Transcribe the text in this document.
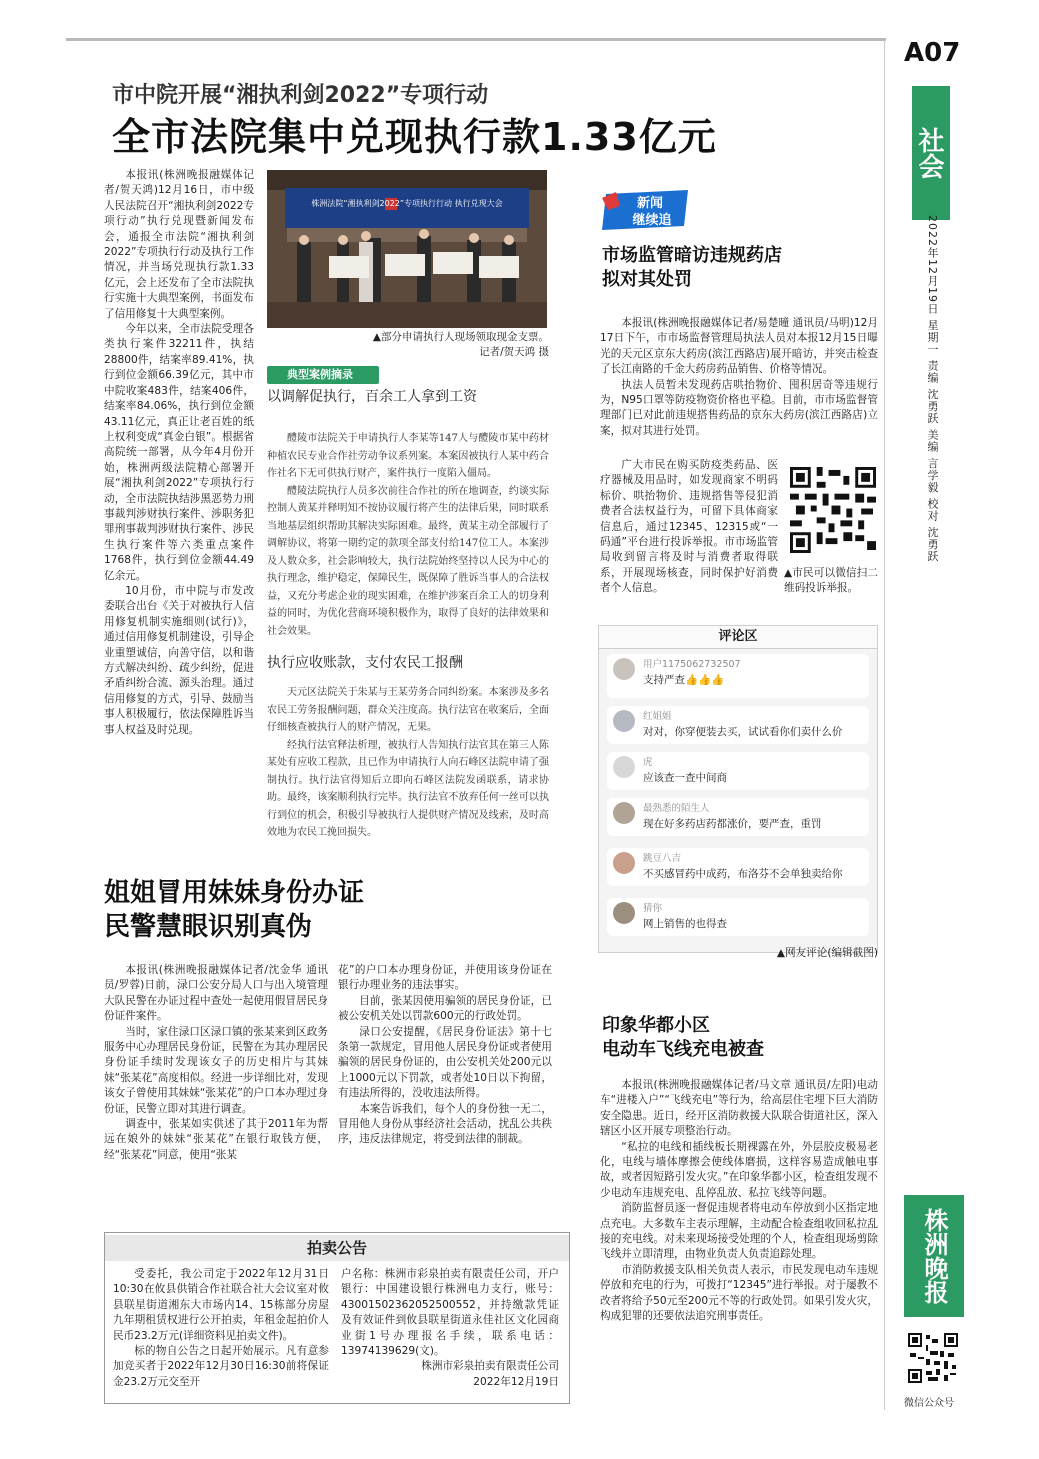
A07
社会
2022年12月19日 星期一 责编 沈勇跃 美编 言学毅 校对 沈勇跃
株洲晚报
微信公众号
市中院开展“湘执利剑2022”专项行动
全市法院集中兑现执行款1.33亿元

本报讯(株洲晚报融媒体记者/贺天鸿)12月16日，市中级人民法院召开“湘执利剑2022专项行动”执行兑现暨新闻发布会，通报全市法院“湘执利剑2022”专项执行行动及执行工作情况，并当场兑现执行款1.33亿元，会上还发布了全市法院执行实施十大典型案例，书面发布了信用修复十大典型案例。

今年以来，全市法院受理各类执行案件32211件，执结28800件，结案率89.41%，执行到位金额66.39亿元，其中市中院收案483件，结案406件，结案率84.06%，执行到位金额43.11亿元，真正让老百姓的纸上权利变成“真金白银”。根据省高院统一部署，从今年4月份开始，株洲两级法院精心部署开展“湘执利剑2022”专项执行行动，全市法院执结涉黑恶势力刑事裁判涉财执行案件、涉职务犯罪刑事裁判涉财执行案件、涉民生执行案件等六类重点案件1768件，执行到位金额44.49亿余元。

10月份，市中院与市发改委联合出台《关于对被执行人信用修复机制实施细则(试行)》，通过信用修复机制建设，引导企业重塑诚信，向善守信，以和谐方式解决纠纷、疏少纠纷，促进矛盾纠纷合流、源头治理。通过信用修复的方式，引导、鼓励当事人积极履行，依法保障胜诉当事人权益及时兑现。

株洲法院“湘执利剑2022”专项执行行动 执行兑现大会
▲部分申请执行人现场领取现金支票。
记者/贺天鸿 摄
典型案例摘录
以调解促执行，百余工人拿到工资

醴陵市法院关于申请执行人李某等147人与醴陵市某中药材种植农民专业合作社劳动争议系列案。本案因被执行人某中药合作社名下无可供执行财产，案件执行一度陷入僵局。

醴陵法院执行人员多次前往合作社的所在地调查，约谈实际控制人黄某并释明知不按协议履行将产生的法律后果，同时联系当地基层组织帮助其解决实际困难。最终，黄某主动全部履行了调解协议，将第一期约定的款项全部支付给147位工人。本案涉及人数众多，社会影响较大，执行法院始终坚持以人民为中心的执行理念，维护稳定，保障民生，既保障了胜诉当事人的合法权益，又充分考虑企业的现实困难，在维护涉案百余工人的切身利益的同时，为优化营商环境积极作为，取得了良好的法律效果和社会效果。

执行应收账款，支付农民工报酬

天元区法院关于朱某与王某劳务合同纠纷案。本案涉及多名农民工劳务报酬问题，群众关注度高。执行法官在收案后，全面仔细核查被执行人的财产情况，无果。

经执行法官释法析理，被执行人告知执行法官其在第三人陈某处有应收工程款，且已作为申请执行人向石峰区法院申请了强制执行。执行法官得知后立即向石峰区法院发函联系，请求协助。最终，该案顺利执行完毕。执行法官不放弃任何一丝可以执行到位的机会，积极引导被执行人提供财产情况及线索，及时高效地为农民工挽回损失。

新闻
继续追
市场监管暗访违规药店
拟对其处罚

本报讯(株洲晚报融媒体记者/易楚曈 通讯员/马明)12月17日下午，市市场监督管理局执法人员对本报12月15日曝光的天元区京东大药房(滨江西路店)展开暗访，并突击检查了长江南路的千金大药房药品销售、价格等情况。

执法人员暂未发现药店哄抬物价、囤积居奇等违规行为，N95口罩等防疫物资价格也平稳。目前，市市场监督管理部门已对此前违规搭售药品的京东大药房(滨江西路店)立案，拟对其进行处罚。

广大市民在购买防疫类药品、医疗器械及用品时，如发现商家不明码标价、哄抬物价、违规搭售等侵犯消费者合法权益行为，可留下具体商家信息后，通过12345、12315或“一码通”平台进行投诉举报。市市场监管局收到留言将及时与消费者取得联系，开展现场核查，同时保护好消费者个人信息。

▲市民可以微信扫二维码投诉举报。
评论区
用户1175062732507
支持严查👍👍👍
红姐姐
对对，你穿便装去买，试试看你们卖什么价
虎
应该查一查中间商
最熟悉的陌生人
现在好多药店药都涨价，要严查，重罚
跳豆八吉
不买感冒药中成药，布洛芬不会单独卖给你
猜你
网上销售的也得查
▲网友评论(编辑截图)
姐姐冒用妹妹身份办证
民警慧眼识别真伪

本报讯(株洲晚报融媒体记者/沈金华 通讯员/罗蓉)日前，渌口公安分局人口与出入境管理大队民警在办证过程中查处一起使用假冒居民身份证件案件。

当时，家住渌口区渌口镇的张某来到区政务服务中心办理居民身份证，民警在为其办理居民身份证手续时发现该女子的历史相片与其妹妹“张某花”高度相似。经进一步详细比对，发现该女子曾使用其妹妹“张某花”的户口本办理过身份证，民警立即对其进行调查。

调查中，张某如实供述了其于2011年为帮远在娘外的妹妹“张某花”在银行取钱方便，经“张某花”同意，使用“张某

花”的户口本办理身份证，并使用该身份证在银行办理业务的违法事实。

目前，张某因使用骗领的居民身份证，已被公安机关处以罚款600元的行政处罚。

渌口公安提醒，《居民身份证法》第十七条第一款规定，冒用他人居民身份证或者使用骗领的居民身份证的，由公安机关处200元以上1000元以下罚款，或者处10日以下拘留，有违法所得的，没收违法所得。

本案告诉我们，每个人的身份独一无二，冒用他人身份从事经济社会活动，扰乱公共秩序，违反法律规定，将受到法律的制裁。

拍卖公告

受委托，我公司定于2022年12月31日10:30在攸县供销合作社联合社大会议室对攸县联星街道湘东大市场内14、15栋部分房屋九年期租赁权进行公开拍卖，年租金起拍价人民币23.2万元(详细资料见拍卖文件)。

标的物自公告之日起开始展示。凡有意参加竞买者于2022年12月30日16:30前将保证金23.2万元交至开

户名称：株洲市彩泉拍卖有限责任公司，开户银行：中国建设银行株洲电力支行，账号：43001502362052500552，并持缴款凭证及有效证件到攸县联星街道永佳社区文化园商业街1号办理报名手续，联系电话：13974139629(文)。

株洲市彩泉拍卖有限责任公司
2022年12月19日
印象华都小区
电动车飞线充电被查

本报讯(株洲晚报融媒体记者/马文章 通讯员/左阳)电动车“进楼入户”“飞线充电”等行为，给高层住宅埋下巨大消防安全隐患。近日，经开区消防救援大队联合街道社区，深入辖区小区开展专项整治行动。

“私拉的电线和插线板长期裸露在外，外层胶皮极易老化，电线与墙体摩擦会使线体磨损，这样容易造成触电事故，或者因短路引发火灾。”在印象华都小区，检查组发现不少电动车违规充电、乱停乱放、私拉飞线等问题。

消防监督员逐一督促违规者将电动车停放到小区指定地点充电。大多数车主表示理解，主动配合检查组收回私拉乱接的充电线。对未来现场接受处理的个人，检查组现场剪除飞线并立即清理，由物业负责人负责追踪处理。

市消防救援支队相关负责人表示，市民发现电动车违规停放和充电的行为，可拨打“12345”进行举报。对于屡教不改者将给予50元至200元不等的行政处罚。如果引发火灾，构成犯罪的还要依法追究刑事责任。
